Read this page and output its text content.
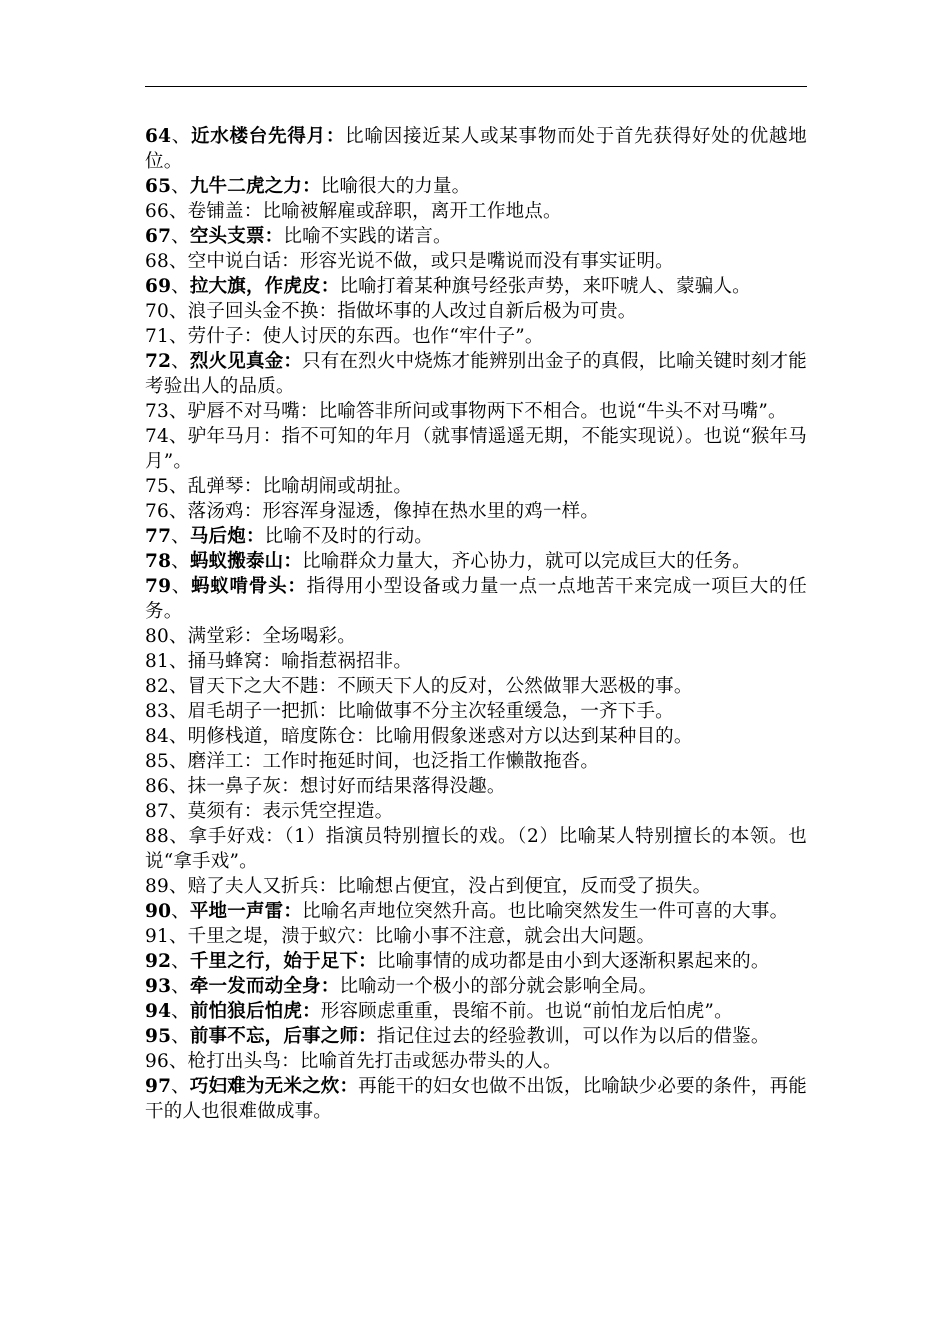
64、近水楼台先得月：比喻因接近某人或某事物而处于首先获得好处的优越地位。

65、九牛二虎之力：比喻很大的力量。

66、卷铺盖：比喻被解雇或辞职，离开工作地点。

67、空头支票：比喻不实践的诺言。

68、空中说白话：形容光说不做，或只是嘴说而没有事实证明。

69、拉大旗，作虎皮：比喻打着某种旗号经张声势，来吓唬人、蒙骗人。

70、浪子回头金不换：指做坏事的人改过自新后极为可贵。

71、劳什子：使人讨厌的东西。也作“牢什子”。

72、烈火见真金：只有在烈火中烧炼才能辨别出金子的真假，比喻关键时刻才能考验出人的品质。

73、驴唇不对马嘴：比喻答非所问或事物两下不相合。也说“牛头不对马嘴”。

74、驴年马月：指不可知的年月（就事情遥遥无期，不能实现说）。也说“猴年马月”。

75、乱弹琴：比喻胡闹或胡扯。

76、落汤鸡：形容浑身湿透，像掉在热水里的鸡一样。

77、马后炮：比喻不及时的行动。

78、蚂蚁搬泰山：比喻群众力量大，齐心协力，就可以完成巨大的任务。

79、蚂蚁啃骨头：指得用小型设备或力量一点一点地苦干来完成一项巨大的任务。

80、满堂彩：全场喝彩。

81、捅马蜂窝：喻指惹祸招非。

82、冒天下之大不韪：不顾天下人的反对，公然做罪大恶极的事。

83、眉毛胡子一把抓：比喻做事不分主次轻重缓急，一齐下手。

84、明修栈道，暗度陈仓：比喻用假象迷惑对方以达到某种目的。

85、磨洋工：工作时拖延时间，也泛指工作懒散拖沓。

86、抹一鼻子灰：想讨好而结果落得没趣。

87、莫须有：表示凭空捏造。

88、拿手好戏：（1）指演员特别擅长的戏。（2）比喻某人特别擅长的本领。也说“拿手戏”。

89、赔了夫人又折兵：比喻想占便宜，没占到便宜，反而受了损失。

90、平地一声雷：比喻名声地位突然升高。也比喻突然发生一件可喜的大事。

91、千里之堤，溃于蚁穴：比喻小事不注意，就会出大问题。

92、千里之行，始于足下：比喻事情的成功都是由小到大逐渐积累起来的。

93、牵一发而动全身：比喻动一个极小的部分就会影响全局。

94、前怕狼后怕虎：形容顾虑重重，畏缩不前。也说“前怕龙后怕虎”。

95、前事不忘，后事之师：指记住过去的经验教训，可以作为以后的借鉴。

96、枪打出头鸟：比喻首先打击或惩办带头的人。

97、巧妇难为无米之炊：再能干的妇女也做不出饭，比喻缺少必要的条件，再能干的人也很难做成事。
